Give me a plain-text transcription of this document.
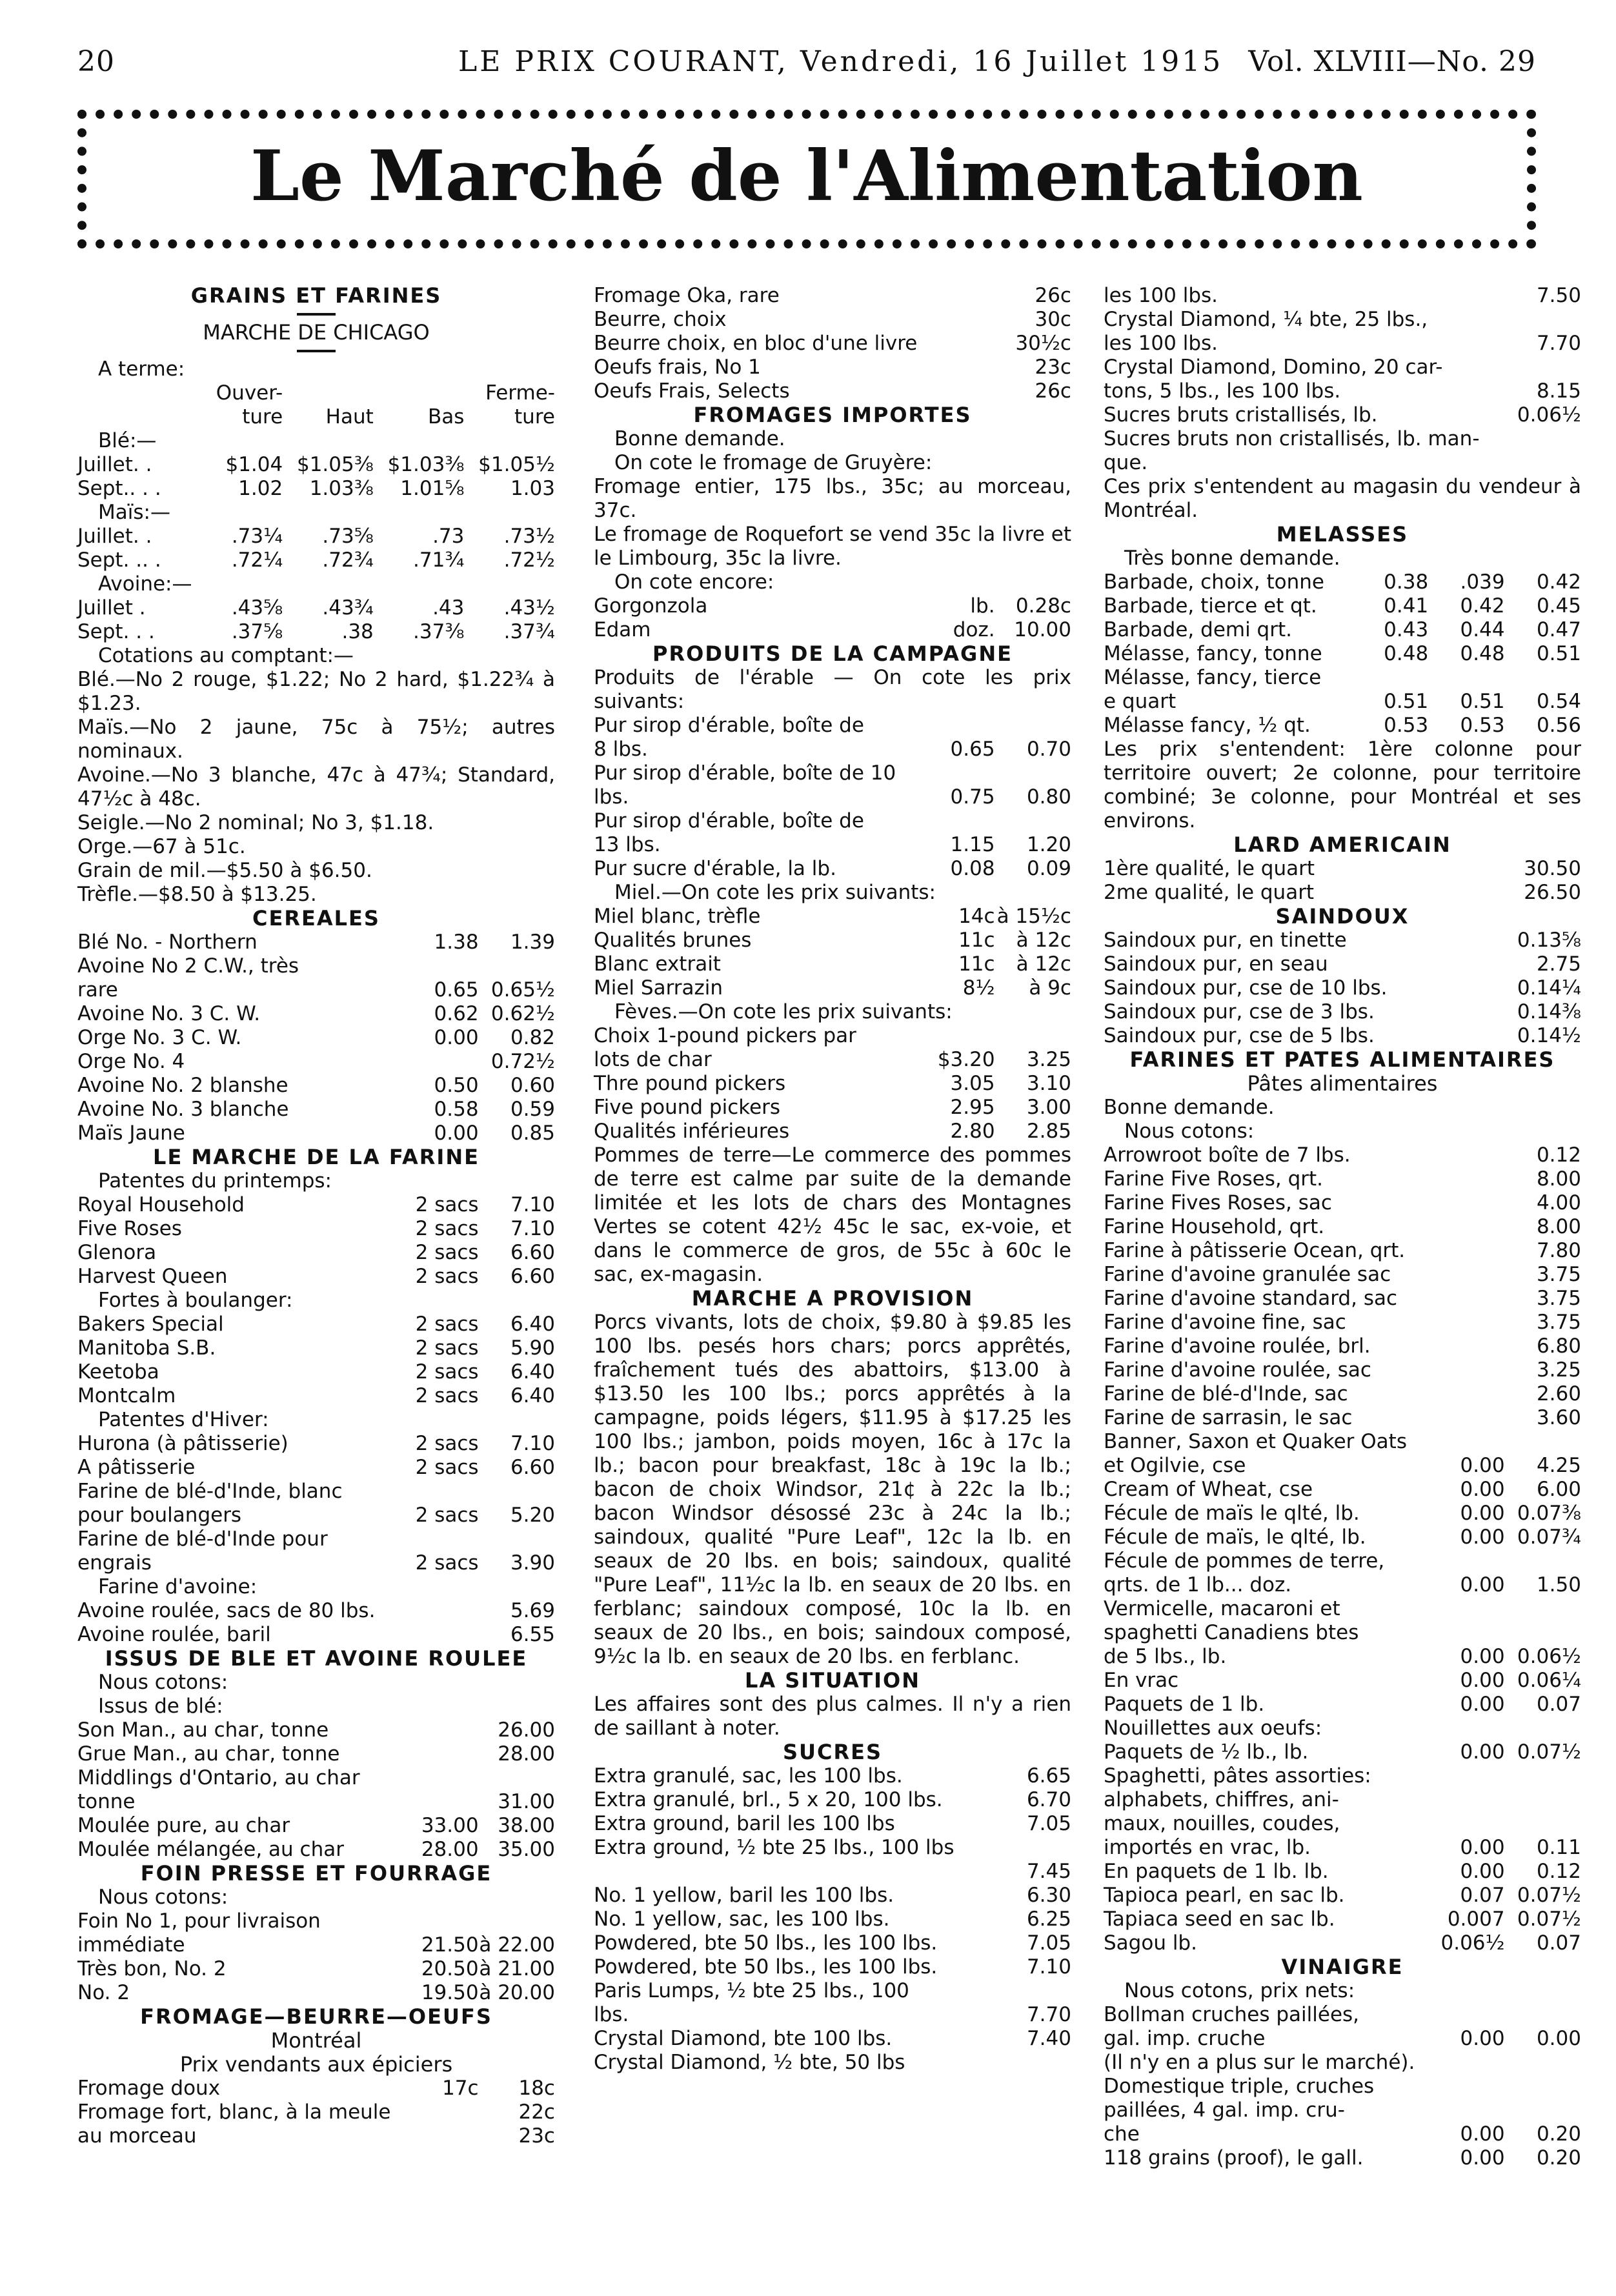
20	LE PRIX COURANT, Vendredi, 16 Juillet 1915 Vol. XLVIII—No. 29
Le Marché de l'Alimentation
GRAINS ET FARINES
MARCHE DE CHICAGO
A terme:
Ouver-	Ferme-
ture	Haut	Bas	ture
Blé:—
Juillet. .	$1.04 $1.05⅜ $1.03⅜ $1.05½
Sept.. . .	1.02	1.03⅜	1.01⅝	1.03
Maïs:—
Juillet. .	.73¼	.73⅝	.73	.73½
Sept. .. .	.72¼	.72¾	.71¾	.72½
Avoine:—
Juillet .	.43⅝	.43¾	.43	.43½
Sept. . .	.37⅝	.38	.37⅜	.37¾
Cotations au comptant:—
Blé.—No 2 rouge, $1.22; No 2 hard, $1.22¾ à $1.23.
Maïs.—No 2 jaune, 75c à 75½; autres nominaux.
Avoine.—No 3 blanche, 47c à 47¾; Standard, 47½c à 48c.
Seigle.—No 2 nominal; No 3, $1.18.
Orge.—67 à 51c.
Grain de mil.—$5.50 à $6.50.
Trèfle.—$8.50 à $13.25.
CEREALES
Blé No. - Northern	1.38	1.39
Avoine No 2 C.W., très
rare	0.65 0.65½
Avoine No. 3 C. W.	0.62 0.62½
Orge No. 3 C. W.	0.00	0.82
Orge No. 4	0.72½
Avoine No. 2 blanshe	0.50	0.60
Avoine No. 3 blanche	0.58	0.59
Maïs Jaune	0.00	0.85
LE MARCHE DE LA FARINE
Patentes du printemps:
Royal Household	2 sacs	7.10
Five Roses	2 sacs	7.10
Glenora	2 sacs	6.60
Harvest Queen	2 sacs	6.60
Fortes à boulanger:
Bakers Special	2 sacs	6.40
Manitoba S.B.	2 sacs	5.90
Keetoba	2 sacs	6.40
Montcalm	2 sacs	6.40
Patentes d'Hiver:
Hurona (à pâtisserie)	2 sacs	7.10
A pâtisserie	2 sacs	6.60
Farine de blé-d'Inde, blanc
pour boulangers	2 sacs	5.20
Farine de blé-d'Inde pour
engrais	2 sacs	3.90
Farine d'avoine:
Avoine roulée, sacs de 80 lbs.	5.69
Avoine roulée, baril	6.55
ISSUS DE BLE ET AVOINE ROULEE
Nous cotons:
Issus de blé:
Son Man., au char, tonne	26.00
Grue Man., au char, tonne	28.00
Middlings d'Ontario, au char
tonne	31.00
Moulée pure, au char	33.00 38.00
Moulée mélangée, au char	28.00 35.00
FOIN PRESSE ET FOURRAGE
Nous cotons:
Foin No 1, pour livraison
immédiate	21.50 à 22.00
Très bon, No. 2	20.50 à 21.00
No. 2	19.50 à 20.00
FROMAGE—BEURRE—OEUFS
Montréal
Prix vendants aux épiciers
Fromage doux	17c	18c
Fromage fort, blanc, à la meule	22c
au morceau	23c
Fromage Oka, rare	26c
Beurre, choix	30c
Beurre choix, en bloc d'une livre	30½c
Oeufs frais, No 1	23c
Oeufs Frais, Selects	26c
FROMAGES IMPORTES
Bonne demande.
On cote le fromage de Gruyère:
Fromage entier, 175 lbs., 35c; au morceau, 37c.
Le fromage de Roquefort se vend 35c la livre et le Limbourg, 35c la livre.
On cote encore:
Gorgonzola	lb.	0.28c
Edam	doz. 10.00
PRODUITS DE LA CAMPAGNE
Produits de l'érable — On cote les prix suivants:
Pur sirop d'érable, boîte de
8 lbs.	0.65	0.70
Pur sirop d'érable, boîte de 10
lbs.	0.75	0.80
Pur sirop d'érable, boîte de
13 lbs.	1.15	1.20
Pur sucre d'érable, la lb.	0.08	0.09
Miel.—On cote les prix suivants:
Miel blanc, trèfle	14c à 15½c
Qualités brunes	11c	à 12c
Blanc extrait	11c	à 12c
Miel Sarrazin	8½	à 9c
Fèves.—On cote les prix suivants:
Choix 1-pound pickers par
lots de char	$3.20	3.25
Thre pound pickers	3.05	3.10
Five pound pickers	2.95	3.00
Qualités inférieures	2.80	2.85
Pommes de terre—Le commerce des pommes de terre est calme par suite de la demande limitée et les lots de chars des Montagnes Vertes se cotent 42½ 45c le sac, ex-voie, et dans le commerce de gros, de 55c à 60c le sac, ex-magasin.
MARCHE A PROVISION
Porcs vivants, lots de choix, $9.80 à $9.85 les 100 lbs. pesés hors chars; porcs apprêtés, fraîchement tués des abattoirs, $13.00 à $13.50 les 100 lbs.; porcs apprêtés à la campagne, poids légers, $11.95 à $17.25 les 100 lbs.; jambon, poids moyen, 16c à 17c la lb.; bacon pour breakfast, 18c à 19c la lb.; bacon de choix Windsor, 21¢ à 22c la lb.; bacon Windsor désossé 23c à 24c la lb.; saindoux, qualité "Pure Leaf", 12c la lb. en seaux de 20 lbs. en bois; saindoux, qualité "Pure Leaf", 11½c la lb. en seaux de 20 lbs. en ferblanc; saindoux composé, 10c la lb. en seaux de 20 lbs., en bois; saindoux composé, 9½c la lb. en seaux de 20 lbs. en ferblanc.
LA SITUATION
Les affaires sont des plus calmes. Il n'y a rien de saillant à noter.
SUCRES
Extra granulé, sac, les 100 lbs.	6.65
Extra granulé, brl., 5 x 20, 100 lbs.	6.70
Extra ground, baril les 100 lbs	7.05
Extra ground, ½ bte 25 lbs., 100 lbs
7.45
No. 1 yellow, baril les 100 lbs.	6.30
No. 1 yellow, sac, les 100 lbs.	6.25
Powdered, bte 50 lbs., les 100 lbs.	7.05
Powdered, bte 50 lbs., les 100 lbs.	7.10
Paris Lumps, ½ bte 25 lbs., 100
lbs.	7.70
Crystal Diamond, bte 100 lbs.	7.40
Crystal Diamond, ½ bte, 50 lbs
les 100 lbs.	7.50
Crystal Diamond, ¼ bte, 25 lbs.,
les 100 lbs.	7.70
Crystal Diamond, Domino, 20 car-
tons, 5 lbs., les 100 lbs.	8.15
Sucres bruts cristallisés, lb.	0.06½
Sucres bruts non cristallisés, lb. man-
que.
Ces prix s'entendent au magasin du vendeur à Montréal.
MELASSES
Très bonne demande.
Barbade, choix, tonne	0.38	.039	0.42
Barbade, tierce et qt.	0.41	0.42	0.45
Barbade, demi qrt.	0.43	0.44	0.47
Mélasse, fancy, tonne	0.48	0.48	0.51
Mélasse, fancy, tierce
e quart	0.51	0.51	0.54
Mélasse fancy, ½ qt.	0.53	0.53	0.56
Les prix s'entendent: 1ère colonne pour territoire ouvert; 2e colonne, pour territoire combiné; 3e colonne, pour Montréal et ses environs.
LARD AMERICAIN
1ère qualité, le quart	30.50
2me qualité, le quart	26.50
SAINDOUX
Saindoux pur, en tinette	0.13⅝
Saindoux pur, en seau	2.75
Saindoux pur, cse de 10 lbs.	0.14¼
Saindoux pur, cse de 3 lbs.	0.14⅜
Saindoux pur, cse de 5 lbs.	0.14½
FARINES ET PATES ALIMENTAIRES
Pâtes alimentaires
Bonne demande.
Nous cotons:
Arrowroot boîte de 7 lbs.	0.12
Farine Five Roses, qrt.	8.00
Farine Fives Roses, sac	4.00
Farine Household, qrt.	8.00
Farine à pâtisserie Ocean, qrt.	7.80
Farine d'avoine granulée sac	3.75
Farine d'avoine standard, sac	3.75
Farine d'avoine fine, sac	3.75
Farine d'avoine roulée, brl.	6.80
Farine d'avoine roulée, sac	3.25
Farine de blé-d'Inde, sac	2.60
Farine de sarrasin, le sac	3.60
Banner, Saxon et Quaker Oats
et Ogilvie, cse	0.00	4.25
Cream of Wheat, cse	0.00	6.00
Fécule de maïs le qlté, lb.	0.00 0.07⅜
Fécule de maïs, le qlté, lb.	0.00 0.07¾
Fécule de pommes de terre,
qrts. de 1 lb... doz.	0.00	1.50
Vermicelle, macaroni et
spaghetti Canadiens btes
de 5 lbs., lb.	0.00 0.06½
En vrac	0.00 0.06¼
Paquets de 1 lb.	0.00	0.07
Nouillettes aux oeufs:
Paquets de ½ lb., lb.	0.00 0.07½
Spaghetti, pâtes assorties:
alphabets, chiffres, ani-
maux, nouilles, coudes,
importés en vrac, lb.	0.00	0.11
En paquets de 1 lb. lb.	0.00	0.12
Tapioca pearl, en sac lb.	0.07 0.07½
Tapiaca seed en sac lb.	0.007 0.07½
Sagou lb.	0.06½	0.07
VINAIGRE
Nous cotons, prix nets:
Bollman cruches paillées,
gal. imp. cruche	0.00	0.00
(Il n'y en a plus sur le marché).
Domestique triple, cruches
paillées, 4 gal. imp. cru-
che	0.00	0.20
118 grains (proof), le gall.	0.00	0.20
